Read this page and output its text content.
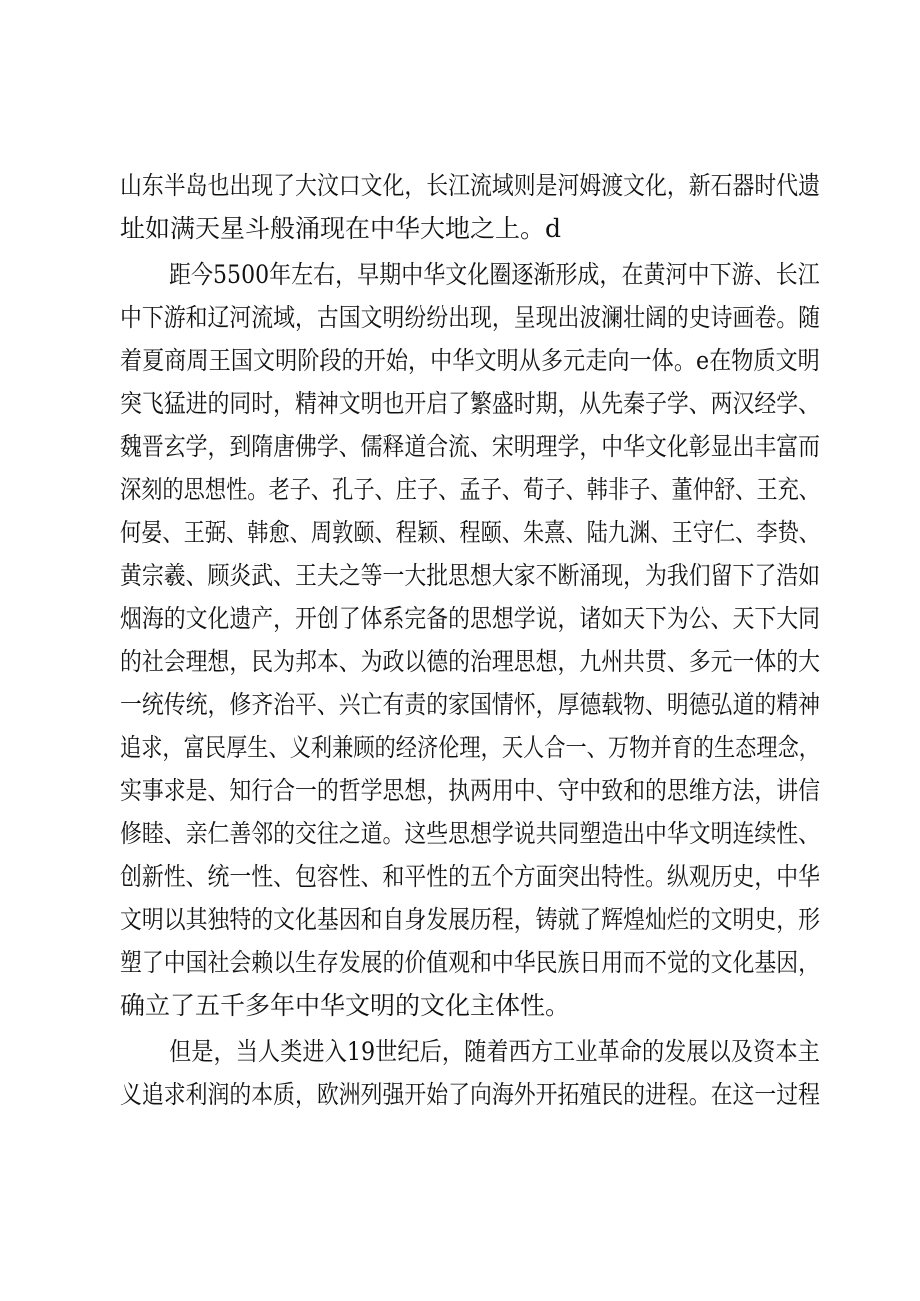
山东半岛也出现了大汶口文化，长江流域则是河姆渡文化，新石器时代遗
址如满天星斗般涌现在中华大地之上。d
距今5500年左右，早期中华文化圈逐渐形成，在黄河中下游、长江
中下游和辽河流域，古国文明纷纷出现，呈现出波澜壮阔的史诗画卷。随
着夏商周王国文明阶段的开始，中华文明从多元走向一体。e在物质文明
突飞猛进的同时，精神文明也开启了繁盛时期，从先秦子学、两汉经学、
魏晋玄学，到隋唐佛学、儒释道合流、宋明理学，中华文化彰显出丰富而
深刻的思想性。老子、孔子、庄子、孟子、荀子、韩非子、董仲舒、王充、
何晏、王弼、韩愈、周敦颐、程颖、程颐、朱熹、陆九渊、王守仁、李贽、
黄宗羲、顾炎武、王夫之等一大批思想大家不断涌现，为我们留下了浩如
烟海的文化遗产，开创了体系完备的思想学说，诸如天下为公、天下大同
的社会理想，民为邦本、为政以德的治理思想，九州共贯、多元一体的大
一统传统，修齐治平、兴亡有责的家国情怀，厚德载物、明德弘道的精神
追求，富民厚生、义利兼顾的经济伦理，天人合一、万物并育的生态理念，
实事求是、知行合一的哲学思想，执两用中、守中致和的思维方法，讲信
修睦、亲仁善邻的交往之道。这些思想学说共同塑造出中华文明连续性、
创新性、统一性、包容性、和平性的五个方面突出特性。纵观历史，中华
文明以其独特的文化基因和自身发展历程，铸就了辉煌灿烂的文明史，形
塑了中国社会赖以生存发展的价值观和中华民族日用而不觉的文化基因，
确立了五千多年中华文明的文化主体性。
但是，当人类进入19世纪后，随着西方工业革命的发展以及资本主
义追求利润的本质，欧洲列强开始了向海外开拓殖民的进程。在这一过程
